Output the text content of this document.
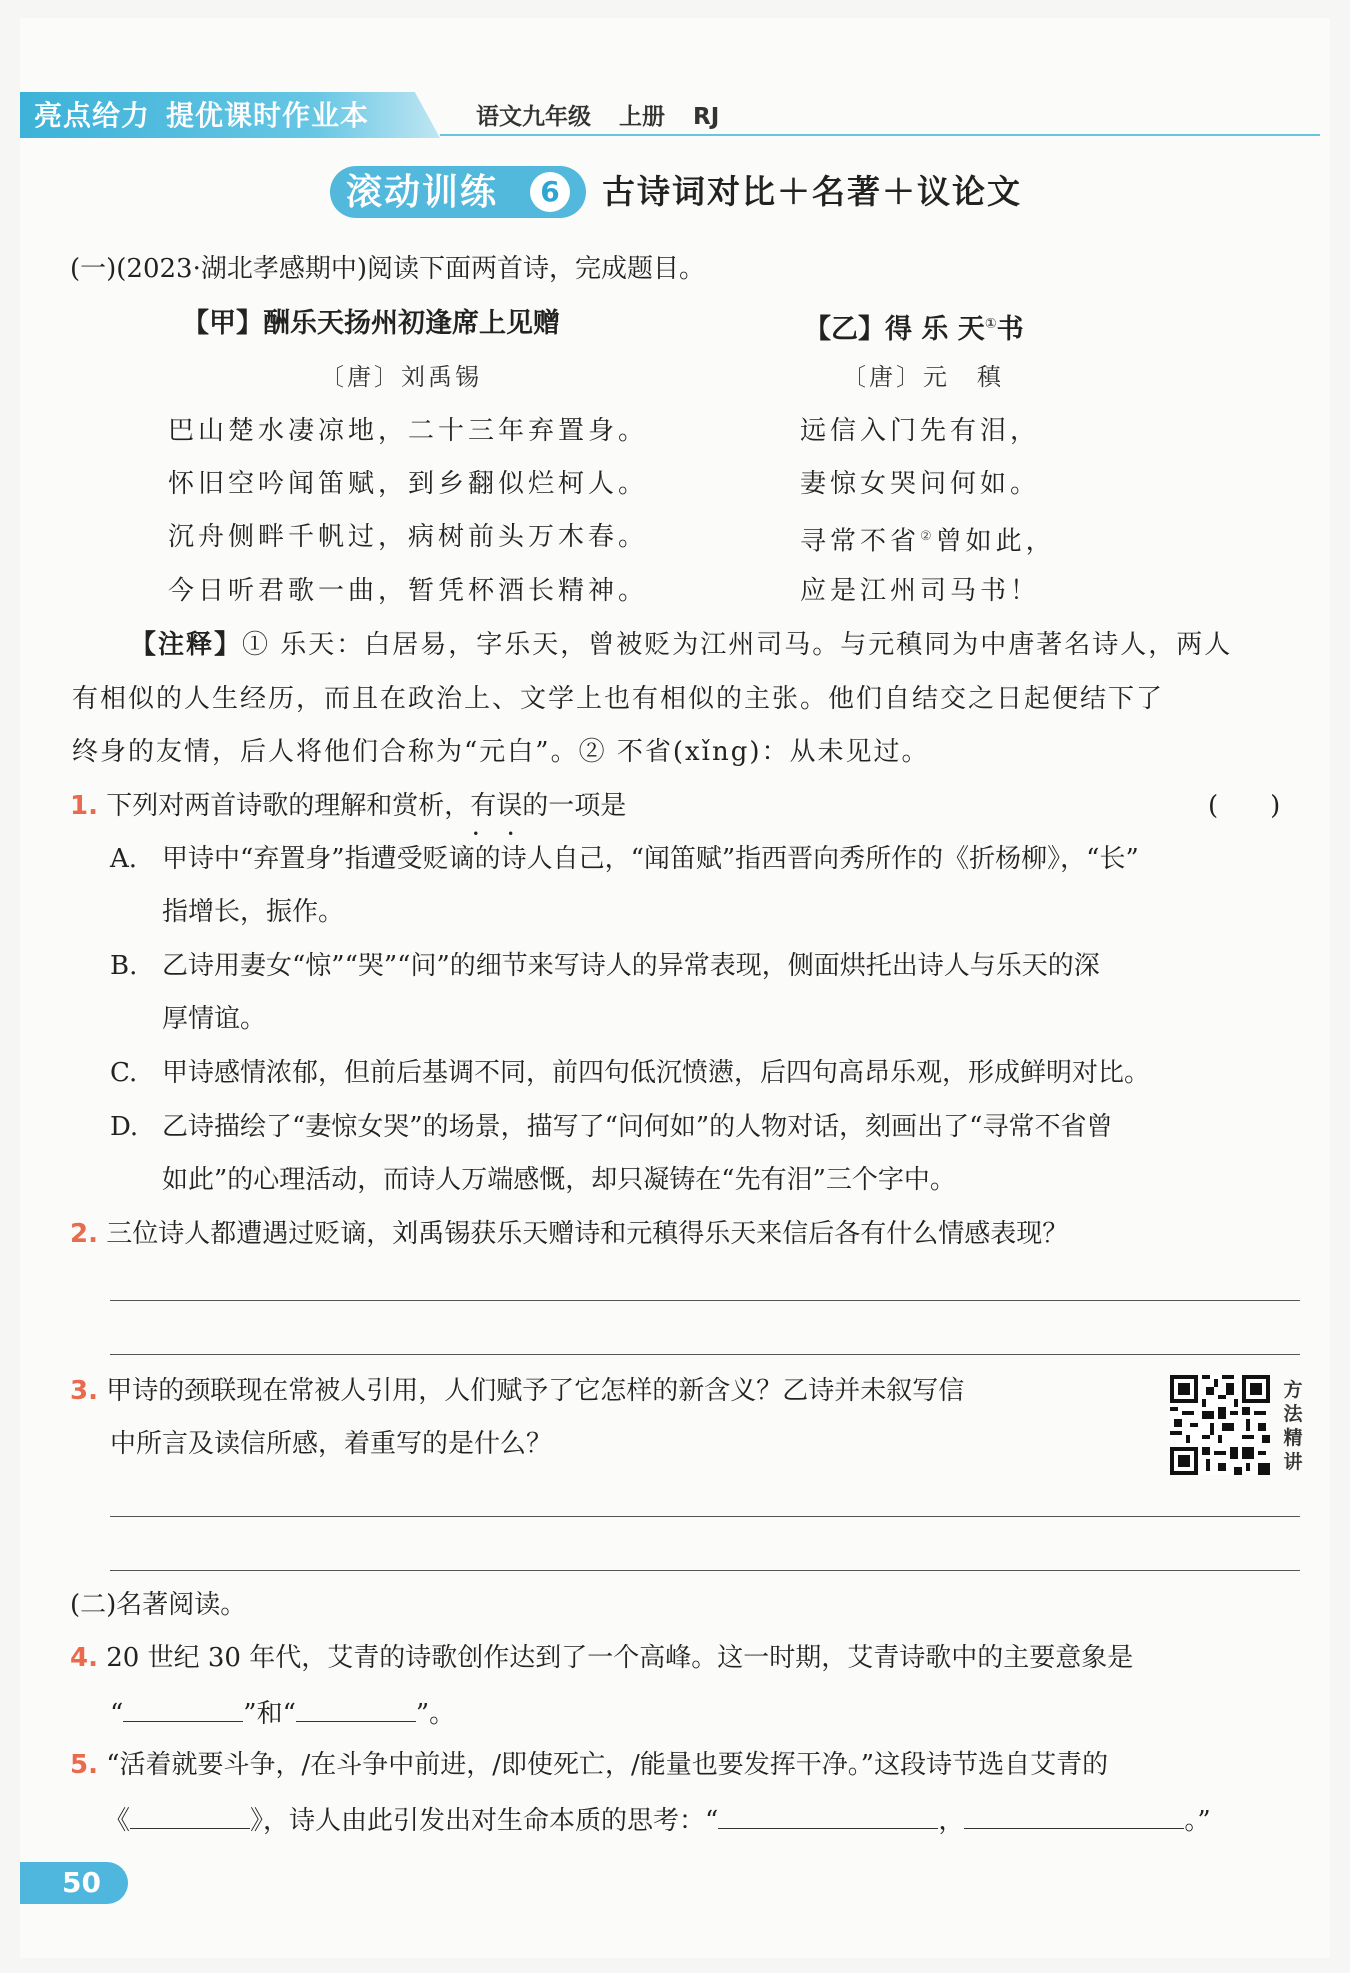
亮点给力 提优课时作业本	语文九年级 上册 RJ
滚动训练	6	古诗词对比＋名著＋议论文
(一)(2023·湖北孝感期中)阅读下面两首诗，完成题目。
【甲】酬乐天扬州初逢席上见赠
〔唐〕刘禹锡
巴山楚水凄凉地，二十三年弃置身。
怀旧空吟闻笛赋，到乡翻似烂柯人。
沉舟侧畔千帆过，病树前头万木春。
今日听君歌一曲，暂凭杯酒长精神。
【乙】得 乐 天①书
〔唐〕元　稹
远信入门先有泪，
妻惊女哭问何如。
寻常不省②曾如此，
应是江州司马书！
【注释】① 乐天：白居易，字乐天，曾被贬为江州司马。与元稹同为中唐著名诗人，两人
有相似的人生经历，而且在政治上、文学上也有相似的主张。他们自结交之日起便结下了
终身的友情，后人将他们合称为“元白”。② 不省(xǐng)：从未见过。
1. 下列对两首诗歌的理解和赏析，有误 • •的一项是	(　　)
A. 甲诗中“弃置身”指遭受贬谪的诗人自己，“闻笛赋”指西晋向秀所作的《折杨柳》，“长”
指增长，振作。
B. 乙诗用妻女“惊”“哭”“问”的细节来写诗人的异常表现，侧面烘托出诗人与乐天的深
厚情谊。
C. 甲诗感情浓郁，但前后基调不同，前四句低沉愤懑，后四句高昂乐观，形成鲜明对比。
D. 乙诗描绘了“妻惊女哭”的场景，描写了“问何如”的人物对话，刻画出了“寻常不省曾
如此”的心理活动，而诗人万端感慨，却只凝铸在“先有泪”三个字中。
2. 三位诗人都遭遇过贬谪，刘禹锡获乐天赠诗和元稹得乐天来信后各有什么情感表现？
3. 甲诗的颈联现在常被人引用，人们赋予了它怎样的新含义？乙诗并未叙写信
中所言及读信所感，着重写的是什么？
方法精讲
(二)名著阅读。
4. 20 世纪 30 年代，艾青的诗歌创作达到了一个高峰。这一时期，艾青诗歌中的主要意象是
“	”和“	”。
5. “活着就要斗争，/在斗争中前进，/即使死亡，/能量也要发挥干净。”这段诗节选自艾青的
《	》，诗人由此引发出对生命本质的思考：“	，	。”
50
